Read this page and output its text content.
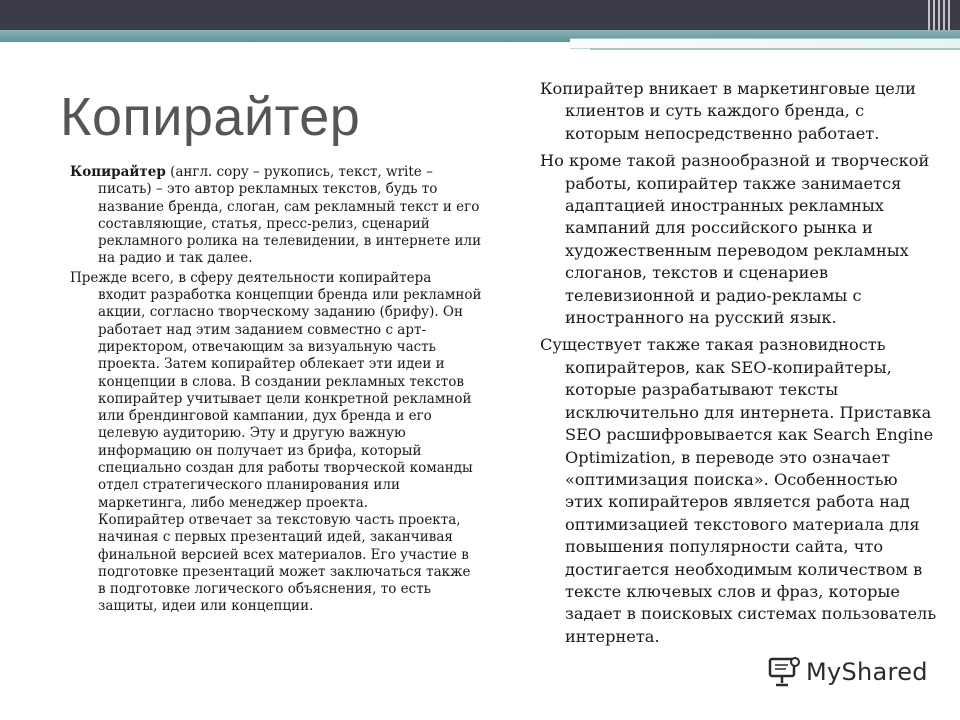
Копирайтер

Копирайтер (англ. copy – рукопись, текст, write – писать) – это автор рекламных текстов, будь то название бренда, слоган, сам рекламный текст и его составляющие, статья, пресс-релиз, сценарий рекламного ролика на телевидении, в интернете или на радио и так далее.

Прежде всего, в сферу деятельности копирайтера входит разработка концепции бренда или рекламной акции, согласно творческому заданию (брифу). Он работает над этим заданием совместно с арт-директором, отвечающим за визуальную часть проекта. Затем копирайтер облекает эти идеи и концепции в слова. В создании рекламных текстов копирайтер учитывает цели конкретной рекламной или брендинговой кампании, дух бренда и его целевую аудиторию. Эту и другую важную информацию он получает из брифа, который специально создан для работы творческой команды отдел стратегического планирования или маркетинга, либо менеджер проекта.

Копирайтер отвечает за текстовую часть проекта, начиная с первых презентаций идей, заканчивая финальной версией всех материалов. Его участие в подготовке презентаций может заключаться также в подготовке логического объяснения, то есть защиты, идеи или концепции.

Копирайтер вникает в маркетинговые цели клиентов и суть каждого бренда, с которым непосредственно работает.

Но кроме такой разнообразной и творческой работы, копирайтер также занимается адаптацией иностранных рекламных кампаний для российского рынка и художественным переводом рекламных слоганов, текстов и сценариев телевизионной и радио-рекламы с иностранного на русский язык.

Существует также такая разновидность копирайтеров, как SEO-копирайтеры, которые разрабатывают тексты исключительно для интернета. Приставка SEO расшифровывается как Search Engine Optimization, в переводе это означает «оптимизация поиска». Особенностью этих копирайтеров является работа над оптимизацией текстового материала для повышения популярности сайта, что достигается необходимым количеством в тексте ключевых слов и фраз, которые задает в поисковых системах пользователь интернета.

MyShared
